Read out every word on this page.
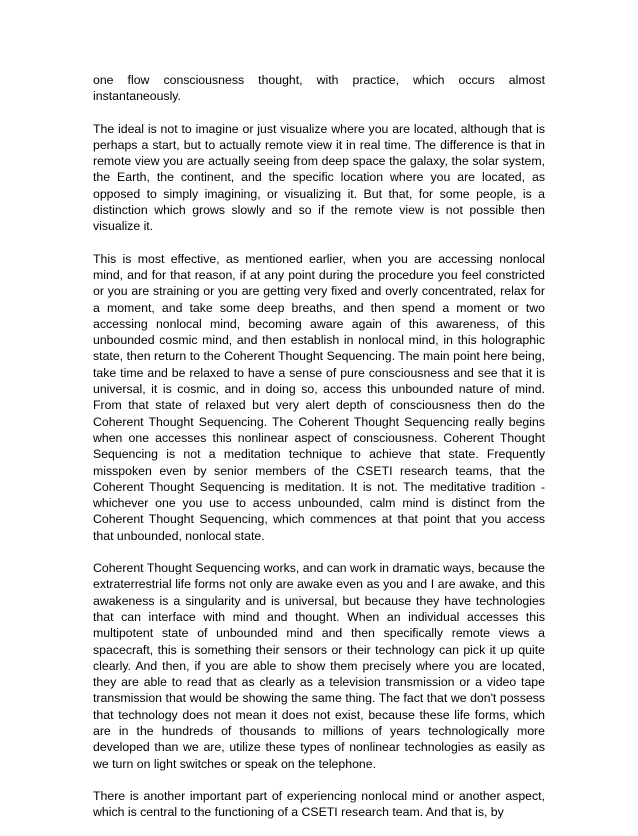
one flow consciousness thought, with practice, which occurs almost instantaneously.

The ideal is not to imagine or just visualize where you are located, although that is perhaps a start, but to actually remote view it in real time. The difference is that in remote view you are actually seeing from deep space the galaxy, the solar system, the Earth, the continent, and the specific location where you are located, as opposed to simply imagining, or visualizing it. But that, for some people, is a distinction which grows slowly and so if the remote view is not possible then visualize it.

This is most effective, as mentioned earlier, when you are accessing nonlocal mind, and for that reason, if at any point during the procedure you feel constricted or you are straining or you are getting very fixed and overly concentrated, relax for a moment, and take some deep breaths, and then spend a moment or two accessing nonlocal mind, becoming aware again of this awareness, of this unbounded cosmic mind, and then establish in nonlocal mind, in this holographic state, then return to the Coherent Thought Sequencing. The main point here being, take time and be relaxed to have a sense of pure consciousness and see that it is universal, it is cosmic, and in doing so, access this unbounded nature of mind. From that state of relaxed but very alert depth of consciousness then do the Coherent Thought Sequencing. The Coherent Thought Sequencing really begins when one accesses this nonlinear aspect of consciousness. Coherent Thought Sequencing is not a meditation technique to achieve that state. Frequently misspoken even by senior members of the CSETI research teams, that the Coherent Thought Sequencing is meditation. It is not. The meditative tradition - whichever one you use to access unbounded, calm mind is distinct from the Coherent Thought Sequencing, which commences at that point that you access that unbounded, nonlocal state.

Coherent Thought Sequencing works, and can work in dramatic ways, because the extraterrestrial life forms not only are awake even as you and I are awake, and this awakeness is a singularity and is universal, but because they have technologies that can interface with mind and thought. When an individual accesses this multipotent state of unbounded mind and then specifically remote views a spacecraft, this is something their sensors or their technology can pick it up quite clearly. And then, if you are able to show them precisely where you are located, they are able to read that as clearly as a television transmission or a video tape transmission that would be showing the same thing. The fact that we don't possess that technology does not mean it does not exist, because these life forms, which are in the hundreds of thousands to millions of years technologically more developed than we are, utilize these types of nonlinear technologies as easily as we turn on light switches or speak on the telephone.

There is another important part of experiencing nonlocal mind or another aspect, which is central to the functioning of a CSETI research team. And that is, by
